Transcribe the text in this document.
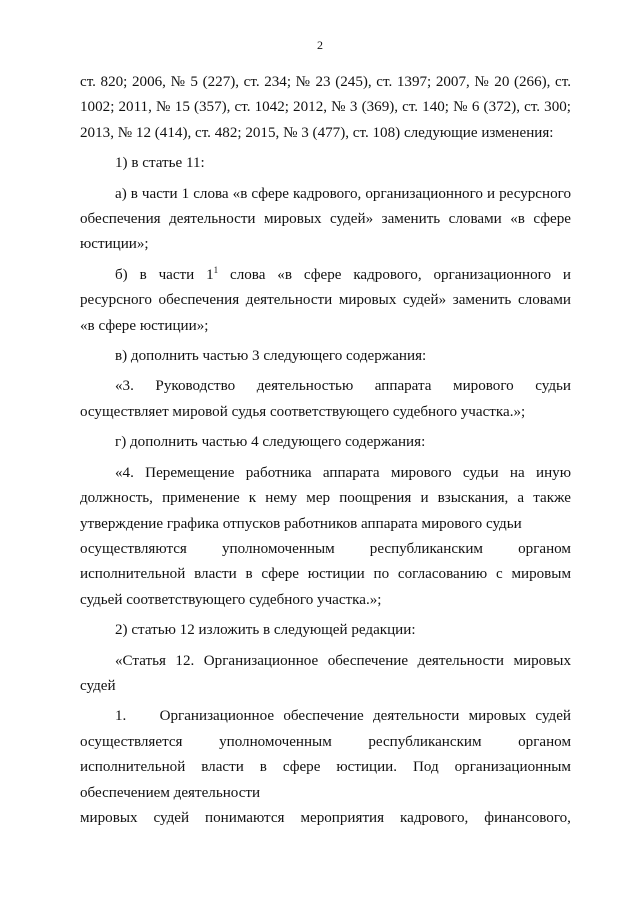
2

ст. 820; 2006, № 5 (227), ст. 234; № 23 (245), ст. 1397; 2007, № 20 (266), ст. 1002; 2011, № 15 (357), ст. 1042; 2012, № 3 (369), ст. 140; № 6 (372), ст. 300; 2013, № 12 (414), ст. 482; 2015, № 3 (477), ст. 108) следующие изменения:

1) в статье 11:

а) в части 1 слова «в сфере кадрового, организационного и ресурсного обеспечения деятельности мировых судей» заменить словами «в сфере юстиции»;

б) в части $1^1$ слова «в сфере кадрового, организационного и ресурсного обеспечения деятельности мировых судей» заменить словами «в сфере юстиции»;

в) дополнить частью 3 следующего содержания:

«3. Руководство деятельностью аппарата мирового судьи осуществляет мировой судья соответствующего судебного участка.»;

г) дополнить частью 4 следующего содержания:

«4. Перемещение работника аппарата мирового судьи на иную должность, применение к нему мер поощрения и взыскания, а также утверждение графика отпусков работников аппарата мирового судьи

осуществляются уполномоченным республиканским органом

исполнительной власти в сфере юстиции по согласованию с мировым судьей соответствующего судебного участка.»;

2) статью 12 изложить в следующей редакции:

«Статья 12. Организационное обеспечение деятельности мировых судей

1. Организационное обеспечение деятельности мировых судей

осуществляется уполномоченным республиканским органом исполнительной власти в сфере юстиции. Под организационным обеспечением деятельности

мировых судей понимаются мероприятия кадрового, финансового,
